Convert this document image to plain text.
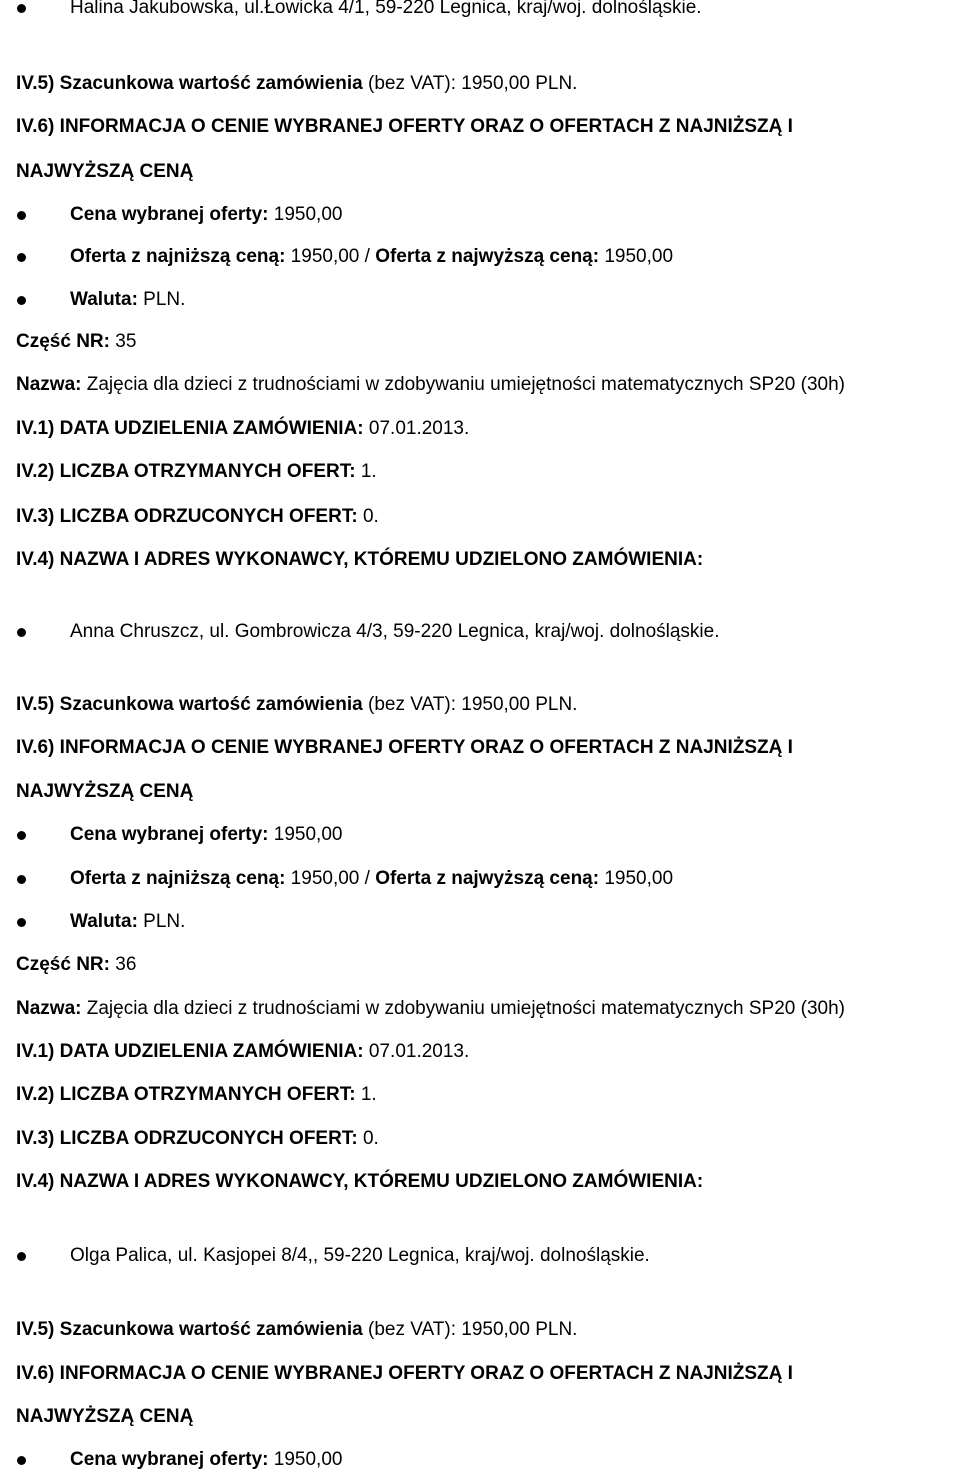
Halina Jakubowska, ul.Łowicka 4/1, 59-220 Legnica, kraj/woj. dolnośląskie.
IV.5) Szacunkowa wartość zamówienia (bez VAT): 1950,00 PLN.
IV.6) INFORMACJA O CENIE WYBRANEJ OFERTY ORAZ O OFERTACH Z NAJNIŻSZĄ I
NAJWYŻSZĄ CENĄ
Cena wybranej oferty: 1950,00
Oferta z najniższą ceną: 1950,00 / Oferta z najwyższą ceną: 1950,00
Waluta: PLN.
Część NR: 35
Nazwa: Zajęcia dla dzieci z trudnościami w zdobywaniu umiejętności matematycznych SP20 (30h)
IV.1) DATA UDZIELENIA ZAMÓWIENIA: 07.01.2013.
IV.2) LICZBA OTRZYMANYCH OFERT: 1.
IV.3) LICZBA ODRZUCONYCH OFERT: 0.
IV.4) NAZWA I ADRES WYKONAWCY, KTÓREMU UDZIELONO ZAMÓWIENIA:
Anna Chruszcz, ul. Gombrowicza 4/3, 59-220 Legnica, kraj/woj. dolnośląskie.
IV.5) Szacunkowa wartość zamówienia (bez VAT): 1950,00 PLN.
IV.6) INFORMACJA O CENIE WYBRANEJ OFERTY ORAZ O OFERTACH Z NAJNIŻSZĄ I
NAJWYŻSZĄ CENĄ
Cena wybranej oferty: 1950,00
Oferta z najniższą ceną: 1950,00 / Oferta z najwyższą ceną: 1950,00
Waluta: PLN.
Część NR: 36
Nazwa: Zajęcia dla dzieci z trudnościami w zdobywaniu umiejętności matematycznych SP20 (30h)
IV.1) DATA UDZIELENIA ZAMÓWIENIA: 07.01.2013.
IV.2) LICZBA OTRZYMANYCH OFERT: 1.
IV.3) LICZBA ODRZUCONYCH OFERT: 0.
IV.4) NAZWA I ADRES WYKONAWCY, KTÓREMU UDZIELONO ZAMÓWIENIA:
Olga Palica, ul. Kasjopei 8/4,, 59-220 Legnica, kraj/woj. dolnośląskie.
IV.5) Szacunkowa wartość zamówienia (bez VAT): 1950,00 PLN.
IV.6) INFORMACJA O CENIE WYBRANEJ OFERTY ORAZ O OFERTACH Z NAJNIŻSZĄ I
NAJWYŻSZĄ CENĄ
Cena wybranej oferty: 1950,00
